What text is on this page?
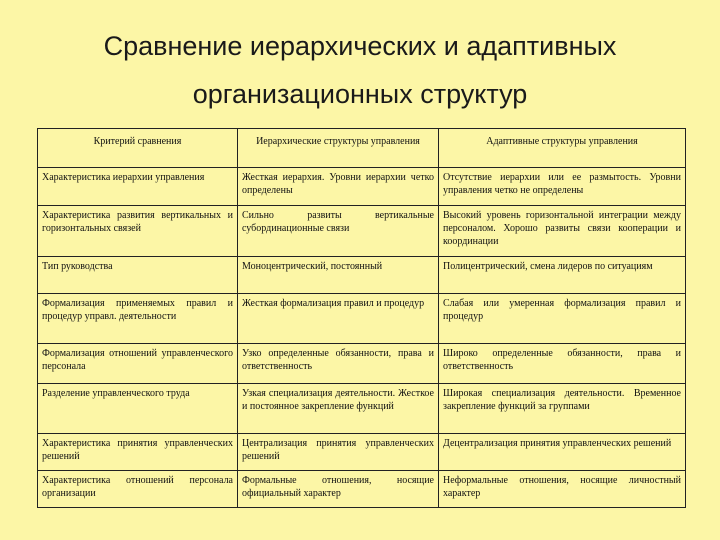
Сравнение иерархических и адаптивных
организационных структур
Критерий сравнения	Иерархические структуры управления	Адаптивные структуры управления
Характеристика иерархии управления	Жесткая иерархия. Уровни иерархии четко определены	Отсутствие иерархии или ее размытость. Уровни управления четко не определены
Характеристика развития вертикальных и горизонтальных связей	Сильно развиты вертикальные субординационные связи	Высокий уровень горизонтальной интеграции между персоналом. Хорошо развиты связи кооперации и координации
Тип руководства	Моноцентрический, постоянный	Полицентрический, смена лидеров по ситуациям
Формализация применяемых правил и процедур управл. деятельности	Жесткая формализация правил и процедур	Слабая или умеренная формализация правил и процедур
Формализация отношений управленческого персонала	Узко определенные обязанности, права и ответственность	Широко определенные обязанности, права и ответственность
Разделение управленческого труда	Узкая специализация деятельности. Жесткое и постоянное закрепление функций	Широкая специализация деятельности. Временное закрепление функций за группами
Характеристика принятия управленческих решений	Централизация принятия управленческих решений	Децентрализация принятия управленческих решений
Характеристика отношений персонала организации	Формальные отношения, носящие официальный характер	Неформальные отношения, носящие личностный характер
